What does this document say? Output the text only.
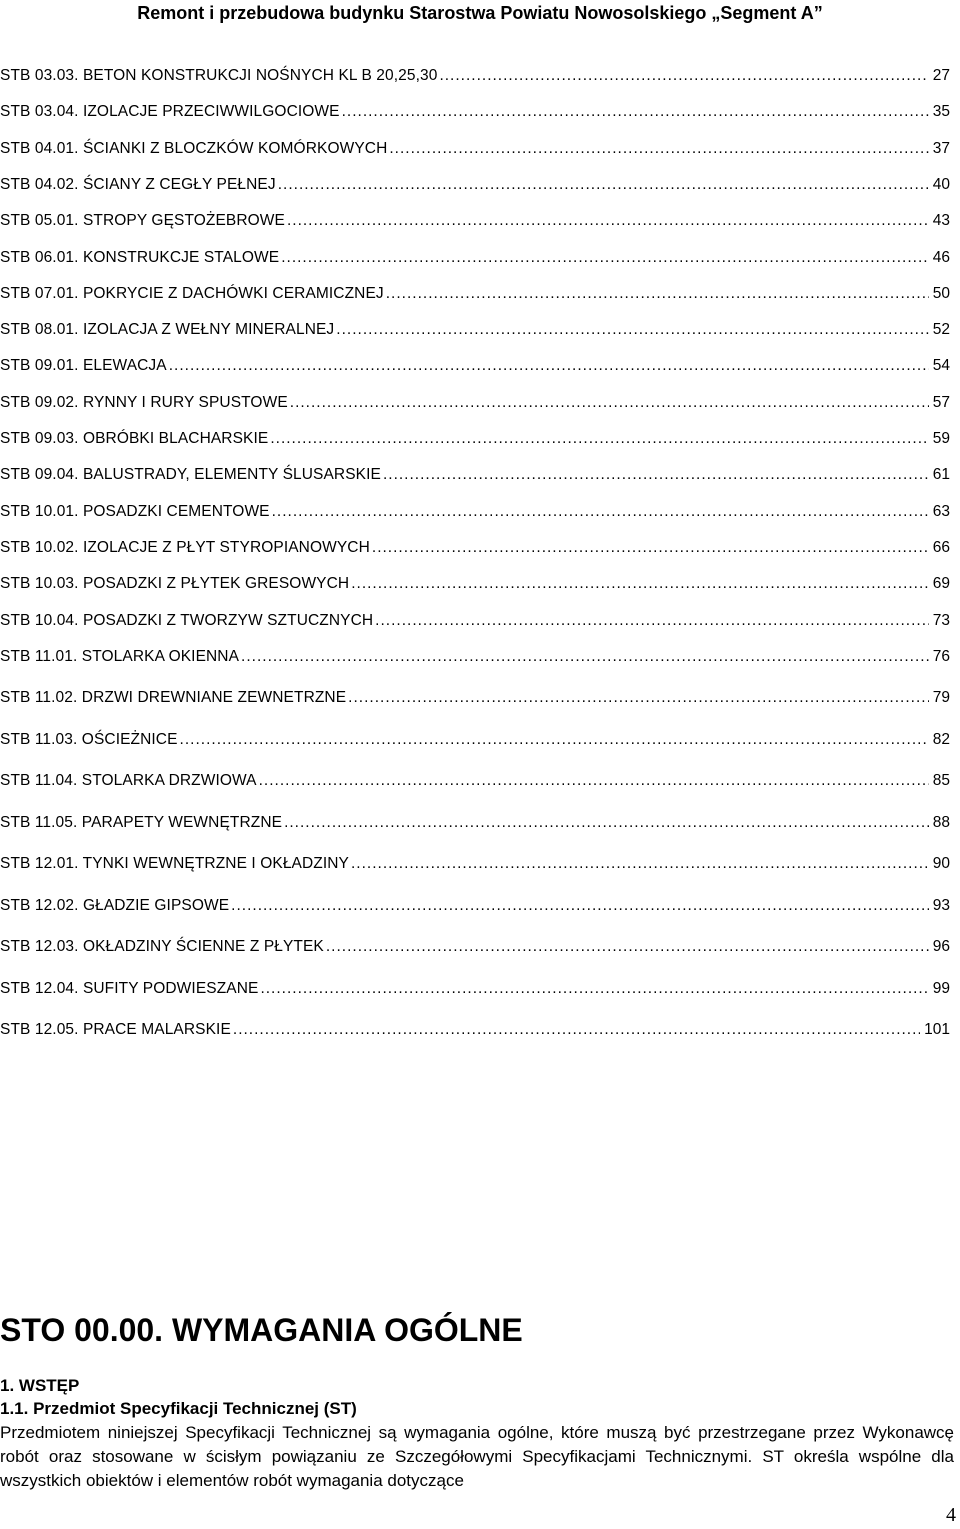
Remont i przebudowa budynku Starostwa Powiatu Nowosolskiego „Segment A”
STB 03.03. BETON KONSTRUKCJI NOŚNYCH KL B 20,25,30 .....	27
STB 03.04. IZOLACJE PRZECIWWILGOCIOWE .....	35
STB 04.01. ŚCIANKI Z BLOCZKÓW KOMÓRKOWYCH .....	37
STB 04.02. ŚCIANY Z CEGŁY PEŁNEJ .....	40
STB 05.01. STROPY GĘSTOŻEBROWE .....	43
STB 06.01. KONSTRUKCJE STALOWE .....	46
STB 07.01. POKRYCIE Z DACHÓWKI CERAMICZNEJ .....	50
STB 08.01. IZOLACJA Z WEŁNY MINERALNEJ .....	52
STB 09.01. ELEWACJA .....	54
STB 09.02. RYNNY I RURY SPUSTOWE .....	57
STB 09.03. OBRÓBKI BLACHARSKIE .....	59
STB 09.04. BALUSTRADY, ELEMENTY ŚLUSARSKIE .....	61
STB 10.01. POSADZKI CEMENTOWE .....	63
STB 10.02. IZOLACJE Z PŁYT STYROPIANOWYCH .....	66
STB 10.03. POSADZKI Z PŁYTEK GRESOWYCH .....	69
STB 10.04. POSADZKI Z TWORZYW SZTUCZNYCH .....	73
STB 11.01. STOLARKA OKIENNA .....	76
STB 11.02. DRZWI DREWNIANE ZEWNETRZNE .....	79
STB 11.03. OŚCIEŻNICE .....	82
STB 11.04. STOLARKA DRZWIOWA .....	85
STB 11.05. PARAPETY WEWNĘTRZNE .....	88
STB 12.01. TYNKI WEWNĘTRZNE I OKŁADZINY .....	90
STB 12.02. GŁADZIE GIPSOWE .....	93
STB 12.03. OKŁADZINY ŚCIENNE Z PŁYTEK .....	96
STB 12.04. SUFITY PODWIESZANE .....	99
STB 12.05. PRACE MALARSKIE .....	101
STO 00.00. WYMAGANIA OGÓLNE
1. WSTĘP
1.1. Przedmiot Specyfikacji Technicznej (ST)
Przedmiotem niniejszej Specyfikacji Technicznej są wymagania ogólne, które muszą być przestrzegane przez Wykonawcę robót oraz stosowane w ścisłym powiązaniu ze Szczegółowymi Specyfikacjami Technicznymi. ST określa wspólne dla wszystkich obiektów i elementów robót wymagania dotyczące
4
